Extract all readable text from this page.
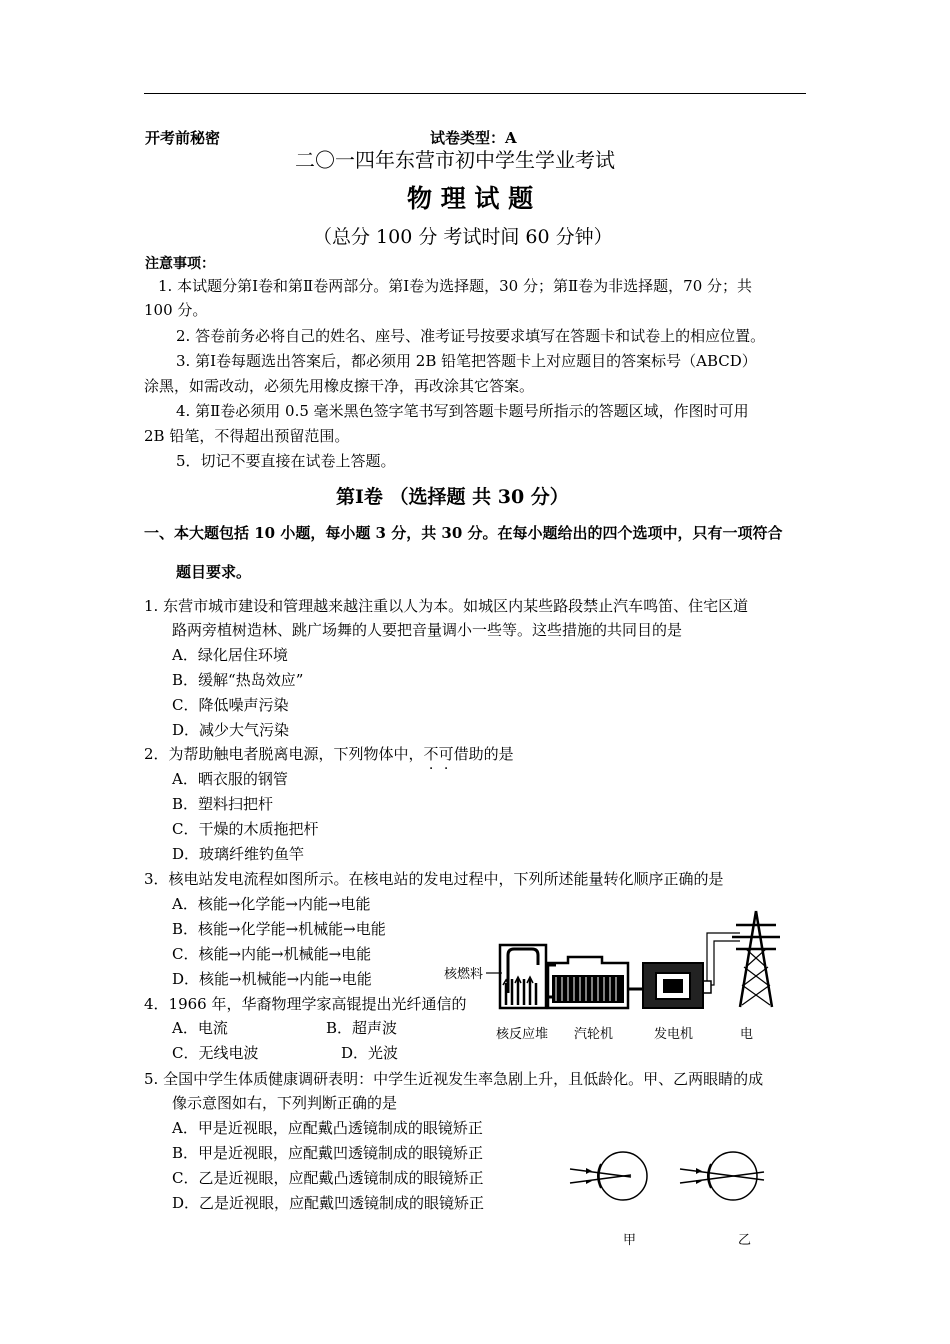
开考前秘密	试卷类型：A
二〇一四年东营市初中学生学业考试
物 理 试 题
（总分 100 分 考试时间 60 分钟）
注意事项：
1. 本试题分第Ⅰ卷和第Ⅱ卷两部分。第Ⅰ卷为选择题，30 分；第Ⅱ卷为非选择题，70 分；共
100 分。
2. 答卷前务必将自己的姓名、座号、准考证号按要求填写在答题卡和试卷上的相应位置。
3. 第Ⅰ卷每题选出答案后，都必须用 2B 铅笔把答题卡上对应题目的答案标号（ABCD）
涂黑，如需改动，必须先用橡皮擦干净，再改涂其它答案。
4. 第Ⅱ卷必须用 0.5 毫米黑色签字笔书写到答题卡题号所指示的答题区域，作图时可用
2B 铅笔，不得超出预留范围。
5．切记不要直接在试卷上答题。
第Ⅰ卷 （选择题 共 30 分）
一、本大题包括 10 小题，每小题 3 分，共 30 分。在每小题给出的四个选项中，只有一项符合
题目要求。
1. 东营市城市建设和管理越来越注重以人为本。如城区内某些路段禁止汽车鸣笛、住宅区道
路两旁植树造林、跳广场舞的人要把音量调小一些等。这些措施的共同目的是
A．绿化居住环境
B．缓解“热岛效应”
C．降低噪声污染
D．减少大气污染
2．为帮助触电者脱离电源，下列物体中，不可借助的是
A．晒衣服的钢管
B．塑料扫把杆
C．干燥的木质拖把杆
D．玻璃纤维钓鱼竿
3．核电站发电流程如图所示。在核电站的发电过程中，下列所述能量转化顺序正确的是
A．核能→化学能→内能→电能
B．核能→化学能→机械能→电能
C．核能→内能→机械能→电能
D．核能→机械能→内能→电能
4．1966 年，华裔物理学家高锟提出光纤通信的
A．电流	B．超声波
C．无线电波	D．光波
5. 全国中学生体质健康调研表明：中学生近视发生率急剧上升，且低龄化。甲、乙两眼睛的成
像示意图如右，下列判断正确的是
A．甲是近视眼，应配戴凸透镜制成的眼镜矫正
B．甲是近视眼，应配戴凹透镜制成的眼镜矫正
C．乙是近视眼，应配戴凸透镜制成的眼镜矫正
D．乙是近视眼，应配戴凹透镜制成的眼镜矫正
核燃料
核反应堆 汽轮机	发电机	电
甲	乙
